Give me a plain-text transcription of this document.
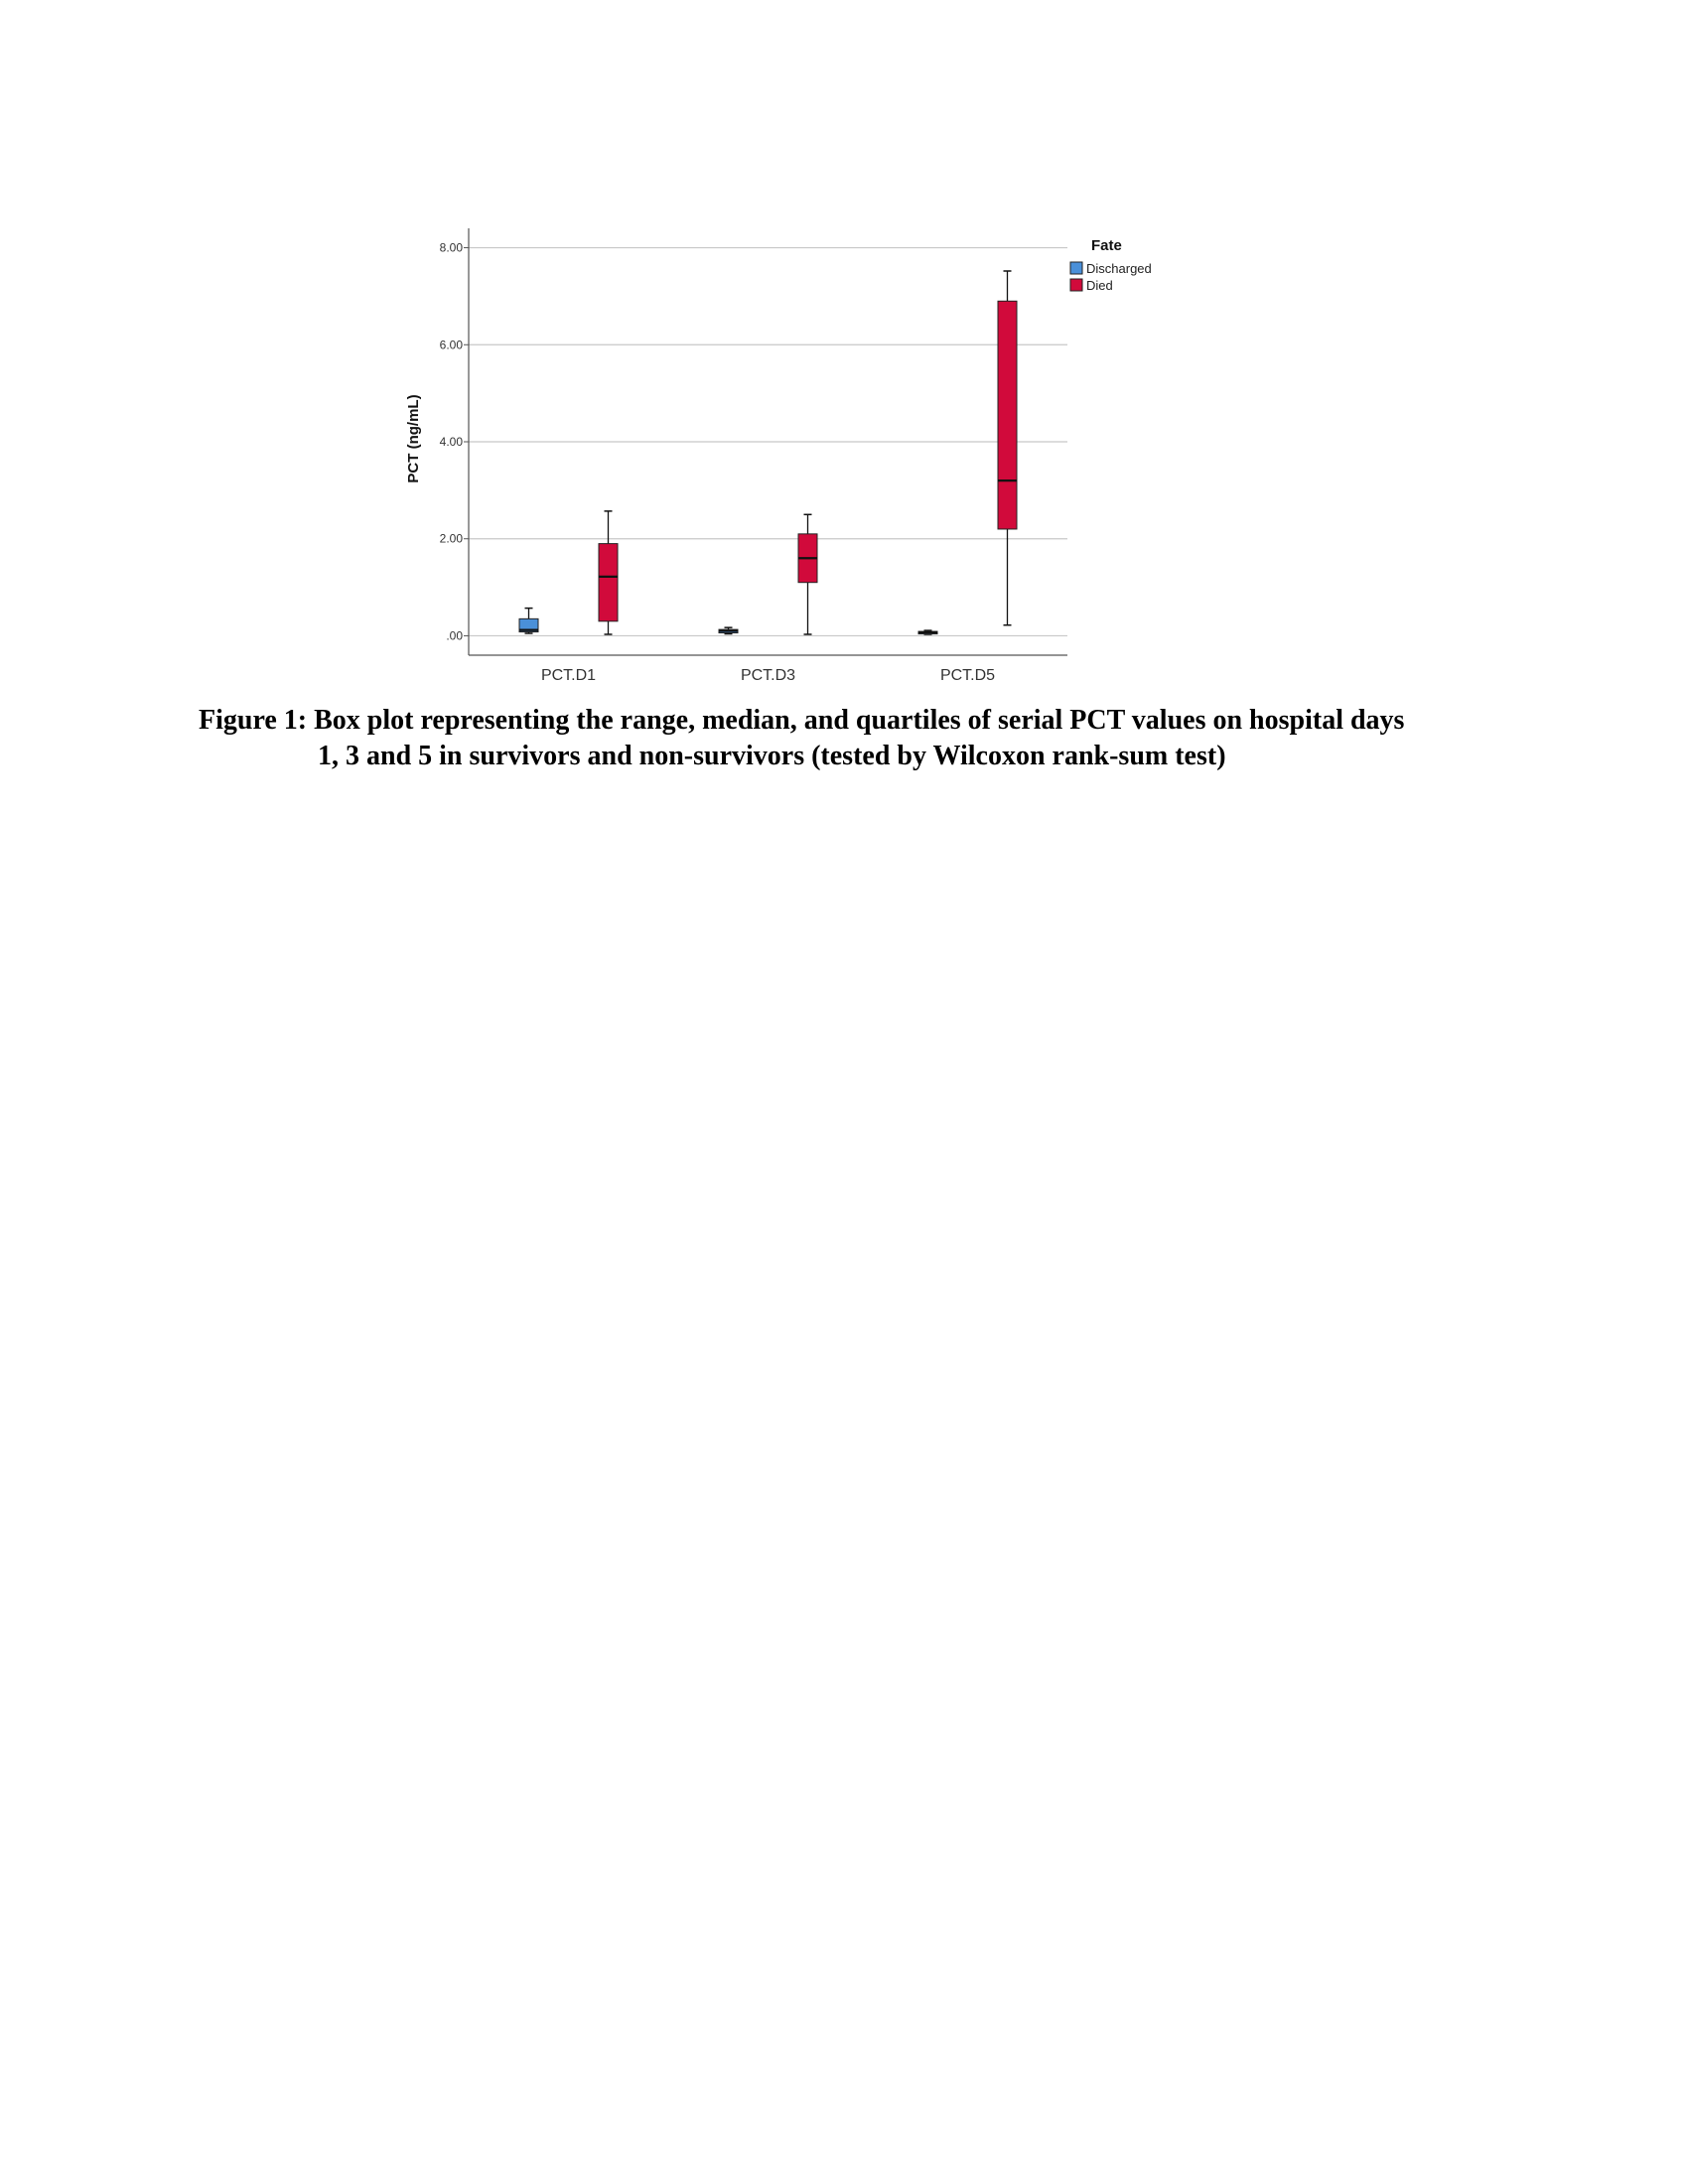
.00
2.00
4.00
6.00
8.00
PCT.D1	PCT.D3	PCT.D5
PCT (ng/mL)
Fate
Discharged
Died
Figure 1: Box plot representing the range, median, and quartiles of serial PCT values on hospital days
1, 3 and 5 in survivors and non-survivors (tested by Wilcoxon rank-sum test)
